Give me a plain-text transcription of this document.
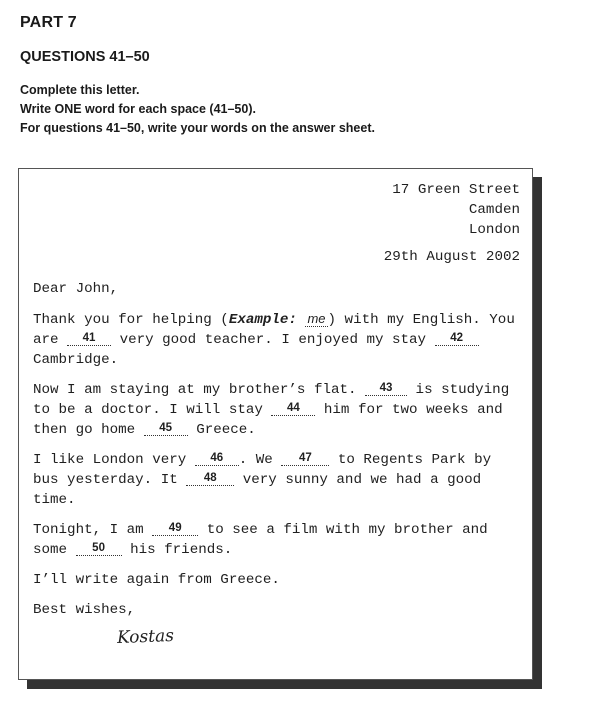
PART 7

QUESTIONS 41–50

Complete this letter.

Write ONE word for each space (41–50).

For questions 41–50, write your words on the answer sheet.

17 Green Street
Camden
London

29th August 2002

Dear John,

Thank you for helping (Example: me ) with my English. You are 41 very good teacher. I enjoyed my stay 42 Cambridge.

Now I am staying at my brother’s flat. 43 is studying to be a doctor. I will stay 44 him for two weeks and then go home 45 Greece.

I like London very 46 . We 47 to Regents Park by bus yesterday. It 48 very sunny and we had a good time.

Tonight, I am 49 to see a film with my brother and some 50 his friends.

I’ll write again from Greece.

Best wishes,

Kostas
